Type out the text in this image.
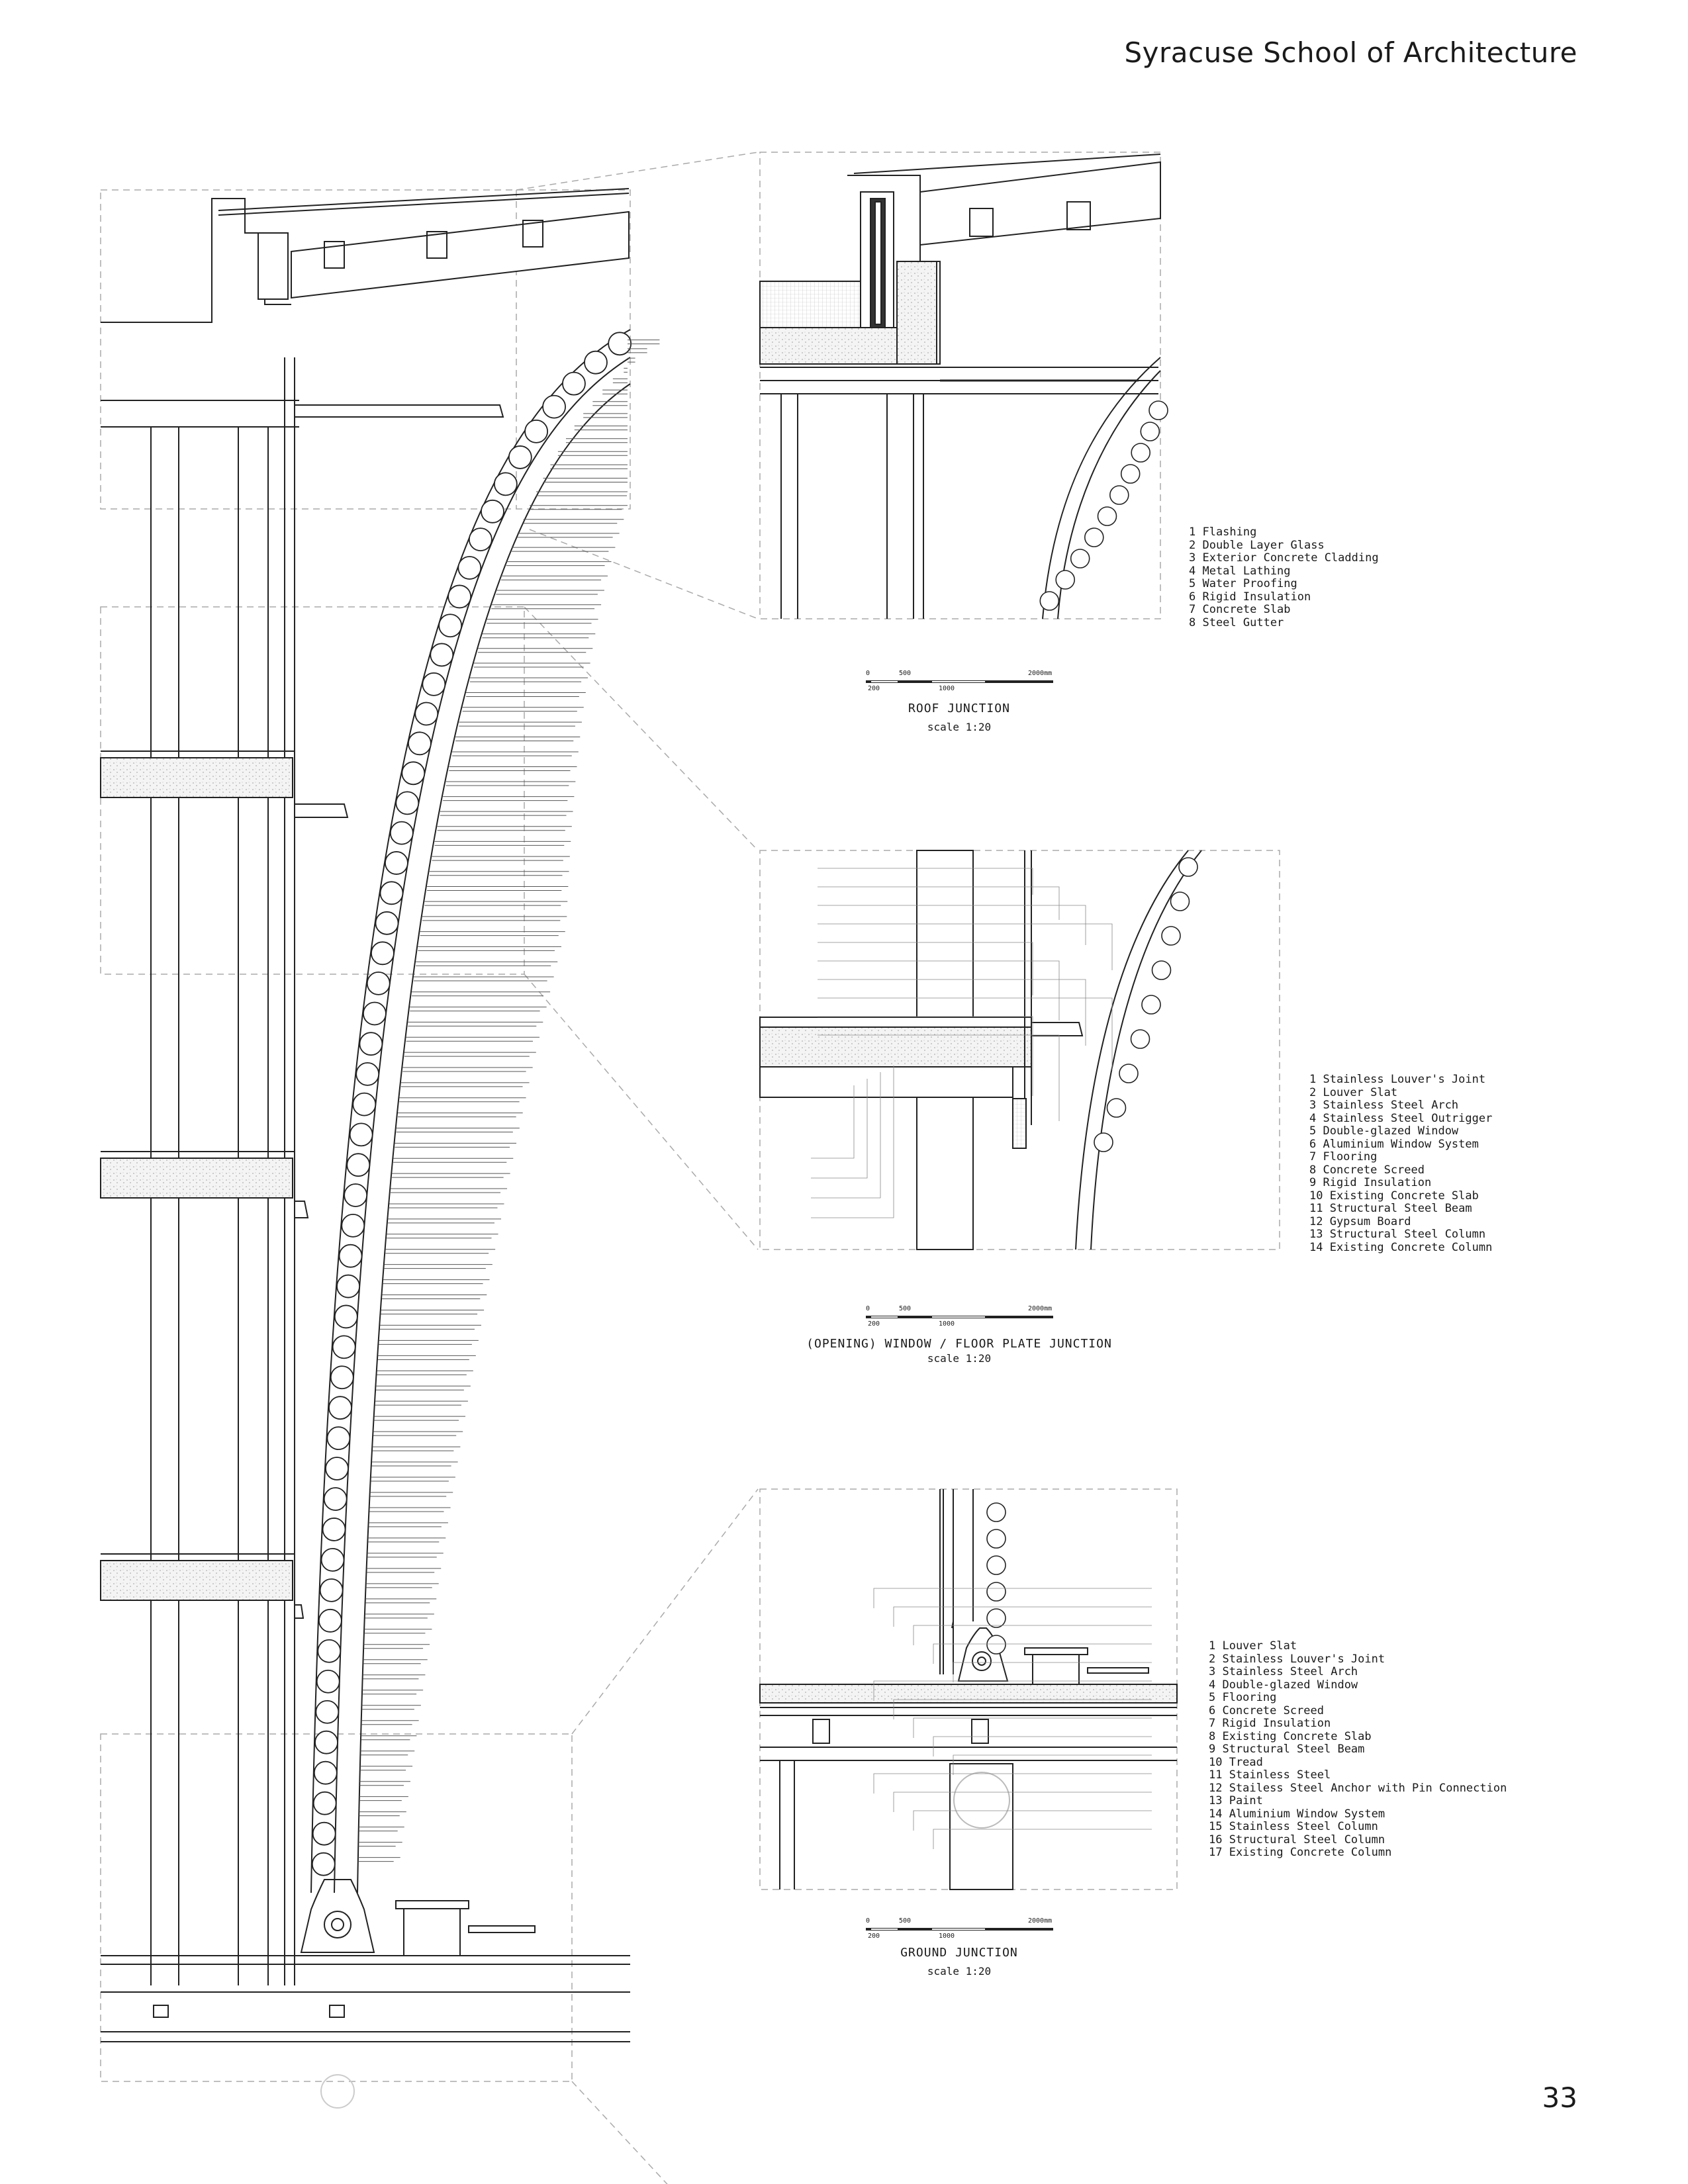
Syracuse School of Architecture
1 Flashing
2 Double Layer Glass
3 Exterior Concrete Cladding
4 Metal Lathing
5 Water Proofing
6 Rigid Insulation
7 Concrete Slab
8 Steel Gutter
1 Stainless Louver's Joint
2 Louver Slat
3 Stainless Steel Arch
4 Stainless Steel Outrigger
5 Double-glazed Window
6 Aluminium Window System
7 Flooring
8 Concrete Screed
9 Rigid Insulation
10 Existing Concrete Slab
11 Structural Steel Beam
12 Gypsum Board
13 Structural Steel Column
14 Existing Concrete Column
1 Louver Slat
2 Stainless Louver's Joint
3 Stainless Steel Arch
4 Double-glazed Window
5 Flooring
6 Concrete Screed
7 Rigid Insulation
8 Existing Concrete Slab
9 Structural Steel Beam
10 Tread
11 Stainless Steel
12 Stailess Steel Anchor with Pin Connection
13 Paint
14 Aluminium Window System
15 Stainless Steel Column
16 Structural Steel Column
17 Existing Concrete Column
0	500	2000mm
200	1000
ROOF JUNCTION
scale 1:20
0	500	2000mm
200	1000
(OPENING) WINDOW / FLOOR PLATE JUNCTION
scale 1:20
0	500	2000mm
200	1000
GROUND JUNCTION
scale 1:20
33
